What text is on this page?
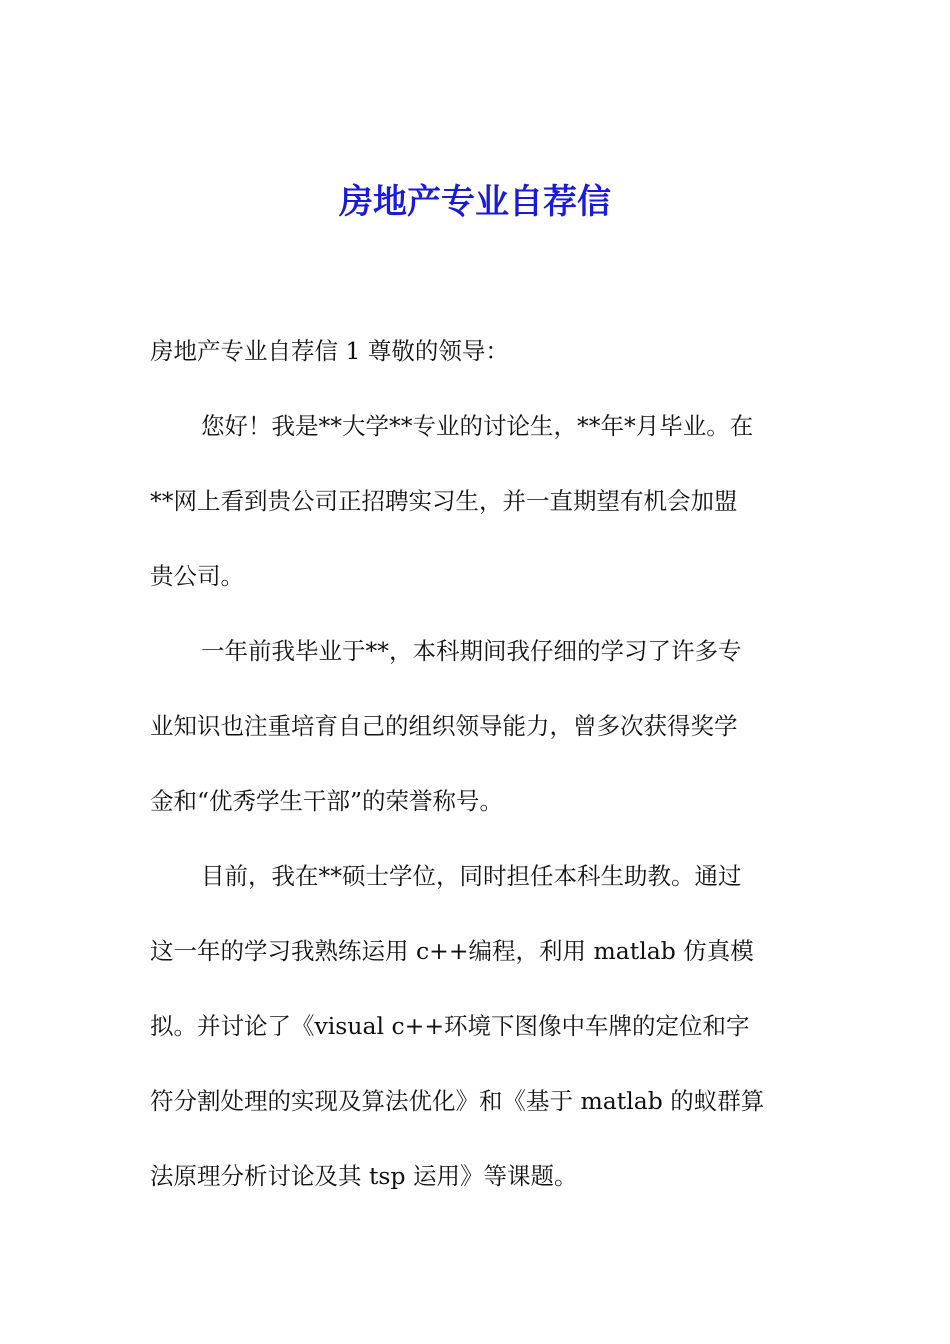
房地产专业自荐信
房地产专业自荐信 1 尊敬的领导：
您好！我是**大学**专业的讨论生，**年*月毕业。在
**网上看到贵公司正招聘实习生，并一直期望有机会加盟
贵公司。
一年前我毕业于**，本科期间我仔细的学习了许多专
业知识也注重培育自己的组织领导能力，曾多次获得奖学
金和“优秀学生干部”的荣誉称号。
目前，我在**硕士学位，同时担任本科生助教。通过
这一年的学习我熟练运用 c++编程，利用 matlab 仿真模
拟。并讨论了《visual c++环境下图像中车牌的定位和字
符分割处理的实现及算法优化》和《基于 matlab 的蚁群算
法原理分析讨论及其 tsp 运用》等课题。
